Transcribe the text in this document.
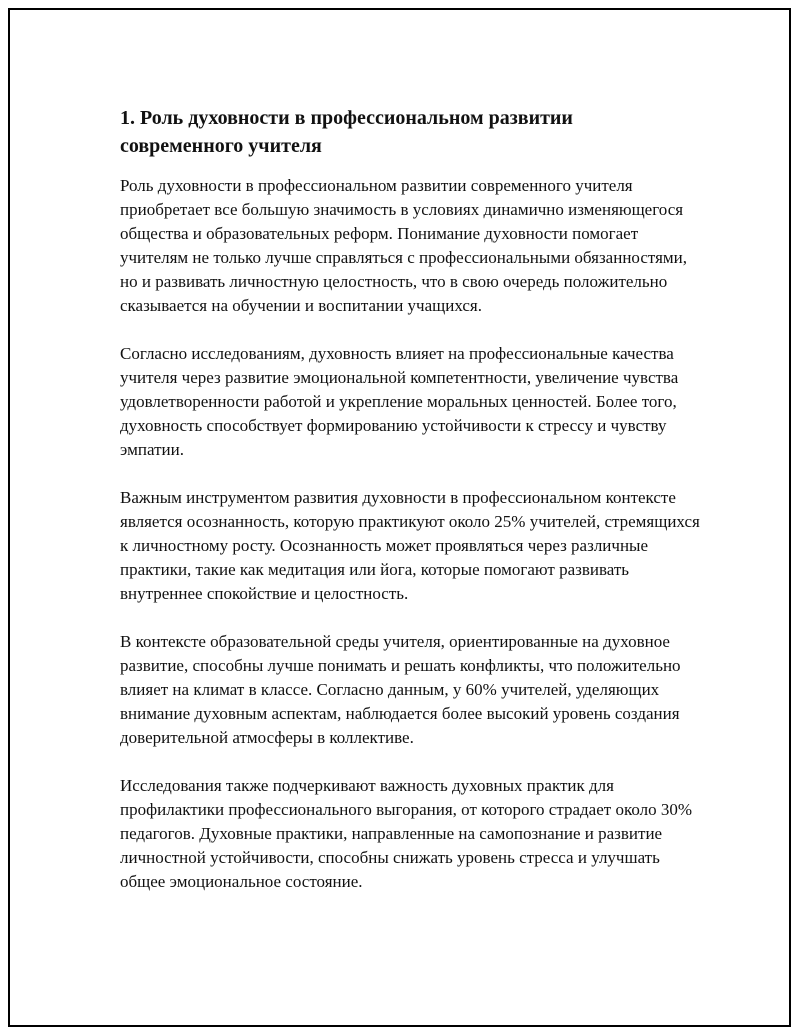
1. Роль духовности в профессиональном развитии современного учителя

Роль духовности в профессиональном развитии современного учителя приобретает все большую значимость в условиях динамично изменяющегося общества и образовательных реформ. Понимание духовности помогает учителям не только лучше справляться с профессиональными обязанностями, но и развивать личностную целостность, что в свою очередь положительно сказывается на обучении и воспитании учащихся.

Согласно исследованиям, духовность влияет на профессиональные качества учителя через развитие эмоциональной компетентности, увеличение чувства удовлетворенности работой и укрепление моральных ценностей. Более того, духовность способствует формированию устойчивости к стрессу и чувству эмпатии.

Важным инструментом развития духовности в профессиональном контексте является осознанность, которую практикуют около 25% учителей, стремящихся к личностному росту. Осознанность может проявляться через различные практики, такие как медитация или йога, которые помогают развивать внутреннее спокойствие и целостность.

В контексте образовательной среды учителя, ориентированные на духовное развитие, способны лучше понимать и решать конфликты, что положительно влияет на климат в классе. Согласно данным, у 60% учителей, уделяющих внимание духовным аспектам, наблюдается более высокий уровень создания доверительной атмосферы в коллективе.

Исследования также подчеркивают важность духовных практик для профилактики профессионального выгорания, от которого страдает около 30% педагогов. Духовные практики, направленные на самопознание и развитие личностной устойчивости, способны снижать уровень стресса и улучшать общее эмоциональное состояние.
